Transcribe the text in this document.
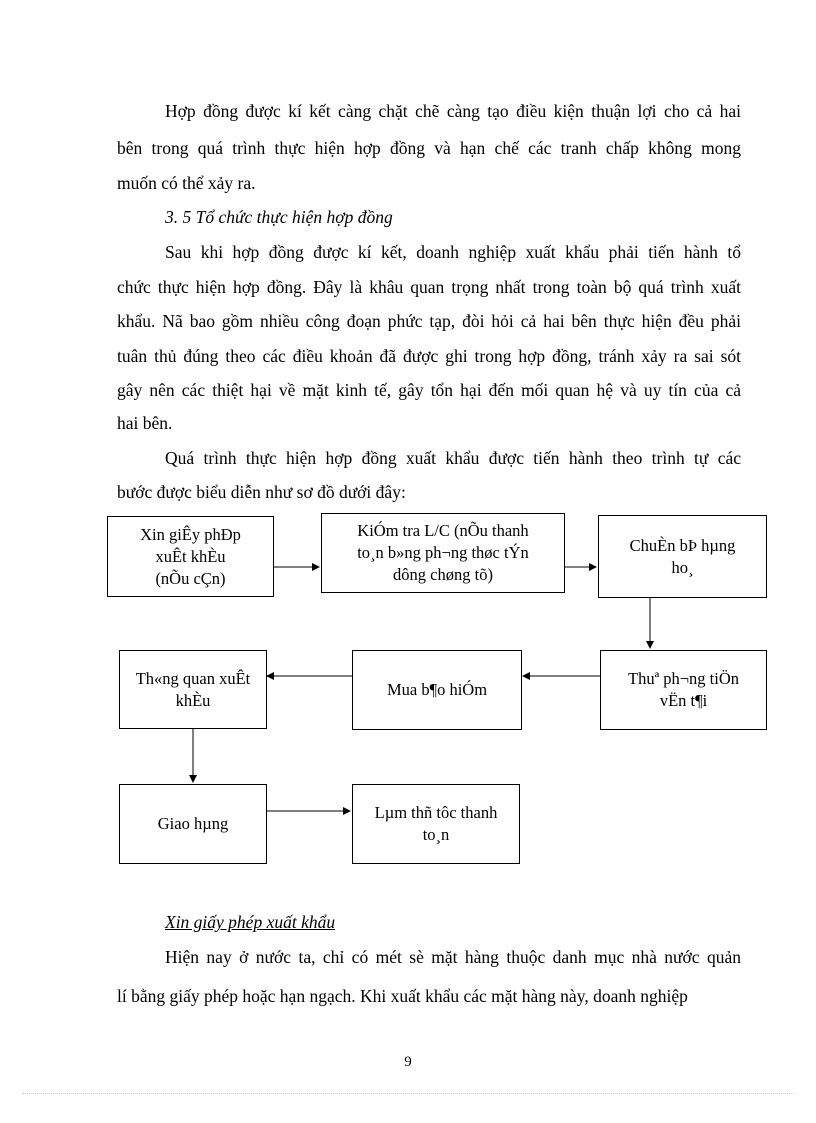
Hợp đồng được kí kết càng chặt chẽ càng tạo điều kiện thuận lợi cho cả hai

bên trong quá trình thực hiện hợp đồng và hạn chế các tranh chấp không mong

muốn có thể xảy ra.

3. 5 Tổ chức thực hiện hợp đồng

Sau khi hợp đồng được kí kết, doanh nghiệp xuất khẩu phải tiến hành tổ

chức thực hiện hợp đồng. Đây là khâu quan trọng nhất trong toàn bộ quá trình xuất

khẩu. Nã bao gồm nhiều công đoạn phức tạp, đòi hỏi cả hai bên thực hiện đều phải

tuân thủ đúng theo các điều khoản đã được ghi trong hợp đồng, tránh xảy ra sai sót

gây nên các thiệt hại về mặt kinh tế, gây tổn hại đến mối quan hệ và uy tín của cả

hai bên.

Quá trình thực hiện hợp đồng xuất khẩu được tiến hành theo trình tự các

bước được biểu diễn như sơ đồ dưới đây:

Xin giÊy phÐp
xuÊt khÈu
(nÕu cÇn)
KiÓm tra L/C (nÕu thanh
to¸n b»ng ph¬ng thøc tÝn
dông chøng tõ)
ChuÈn bÞ hµng
ho¸
Thuª ph¬ng tiÖn
vËn t¶i
Mua b¶o hiÓm
Th«ng quan xuÊt
khÈu
Giao hµng
Lµm thñ tôc thanh
to¸n

Xin giấy phép xuất khẩu

Hiện nay ở nước ta, chỉ có mét sè mặt hàng thuộc danh mục nhà nước quản

lí bằng giấy phép hoặc hạn ngạch. Khi xuất khẩu các mặt hàng này, doanh nghiệp

9
